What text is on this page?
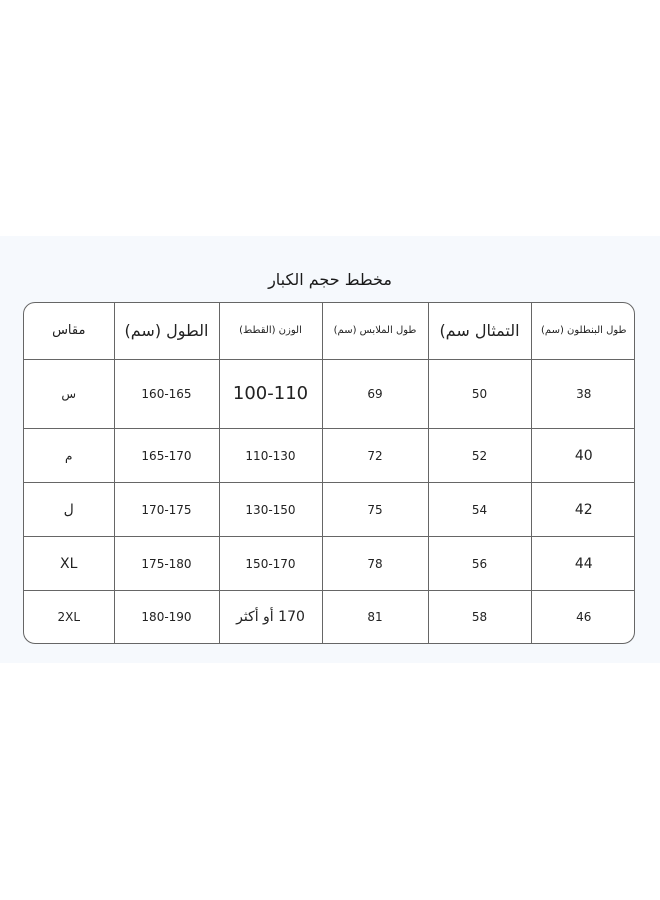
مخطط حجم الكبار
مقاس	الطول (سم)	الوزن (القطط)	طول الملابس (سم)	التمثال سم)	طول البنطلون (سم)
س	160-165	100-110	69	50	38
م	165-170	110-130	72	52	40
ل	170-175	130-150	75	54	42
XL	175-180	150-170	78	56	44
2XL	180-190	170 أو أكثر	81	58	46
